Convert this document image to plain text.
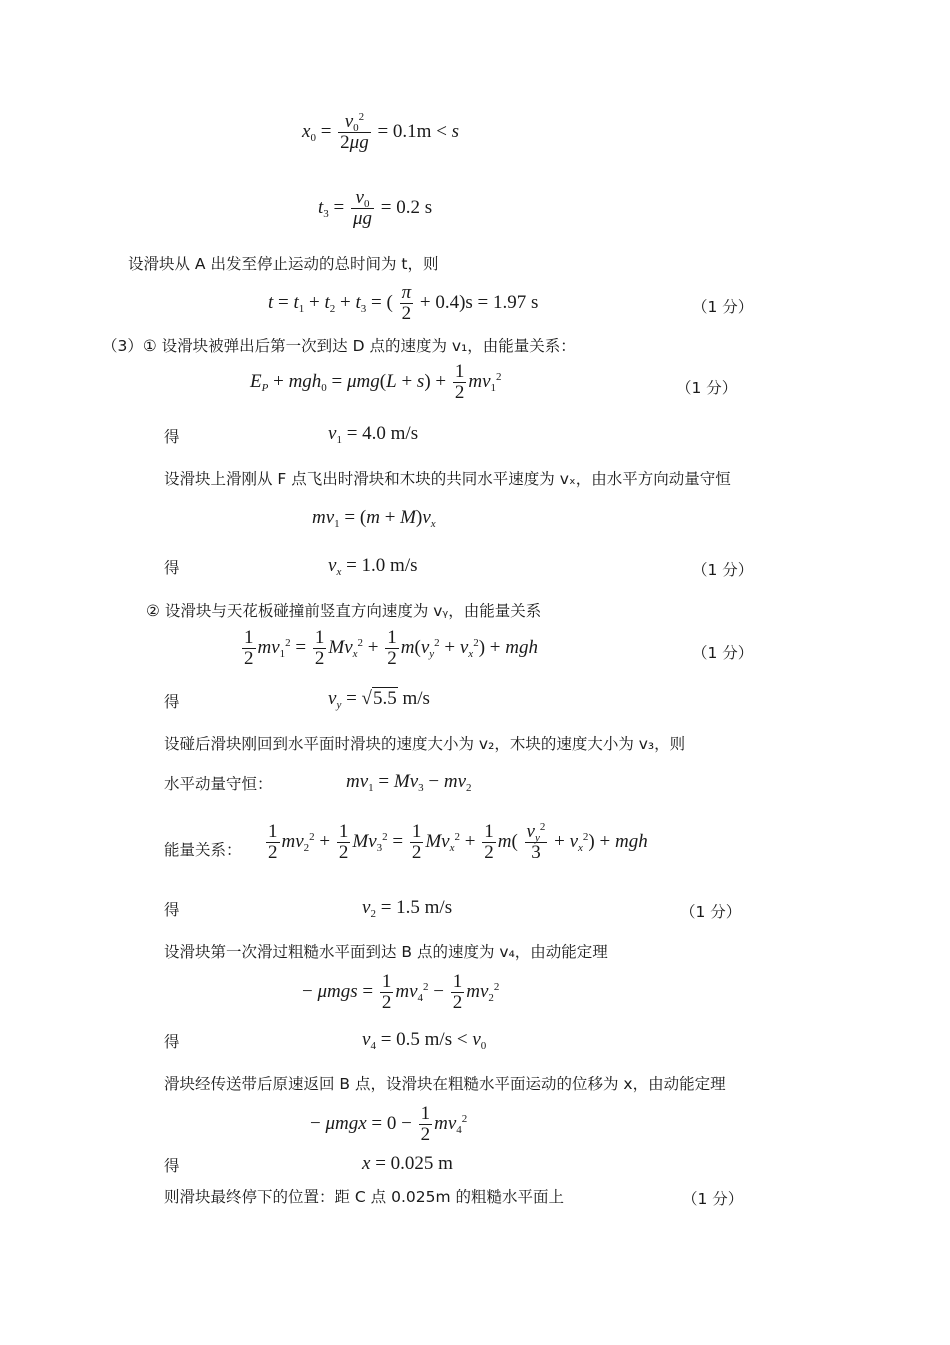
$x_0 = \frac{v_0^2}{2\mu g} = 0.1m < s$
$t_3 = \frac{v_0}{\mu g} = 0.2$ s
设滑块从 A 出发至停止运动的总时间为 t，则
$t = t_1 + t_2 + t_3$ = ( $\frac{\pi}{2} + 0.4)s = 1.97$ s	（1 分）
（3）① 设滑块被弹出后第一次到达 D 点的速度为 v₁，由能量关系：
$E_P + mgh_0 = \mu mg(L + s) + \frac{1}{2} mv_1^2$
（1 分）
得	$v_1 = 4.0$ m/s
设滑块上滑刚从 F 点飞出时滑块和木块的共同水平速度为 vₓ，由水平方向动量守恒
$mv_1 = (m + M)v_x$
得	$v_x = 1.0$ m/s	（1 分）
② 设滑块与天花板碰撞前竖直方向速度为 vᵧ，由能量关系
$\frac{1}{2} mv_1^2 = \frac{1}{2} Mv_x^2 + \frac{1}{2} m(v_y^2 + v_x^2)$ + mgh	（1 分）
得	$v_y = √5.5$ m/s
设碰后滑块刚回到水平面时滑块的速度大小为 v₂，木块的速度大小为 v₃，则
水平动量守恒：	$mv_1 = Mv_3 - mv_2$
能量关系： $\frac{1}{2} mv_2^2 + \frac{1}{2} Mv_3^2 = \frac{1}{2} Mv_x^2 + \frac{1}{2} m( \frac{v_y^2}{3} + v_x^2)$ + mgh
得	$v_2 = 1.5$ m/s	（1 分）
设滑块第一次滑过粗糙水平面到达 B 点的速度为 v₄，由动能定理
− $\mu mgs = \frac{1}{2} mv_4^2 - \frac{1}{2} mv_2^2$
得	$v_4 = 0.5$ $m/s < v_0$
滑块经传送带后原速返回 B 点，设滑块在粗糙水平面运动的位移为 x，由动能定理
− $\mu mgx = 0 - \frac{1}{2} mv_4^2$
得	x = 0.025 m
则滑块最终停下的位置：距 C 点 0.025m 的粗糙水平面上	（1 分）
